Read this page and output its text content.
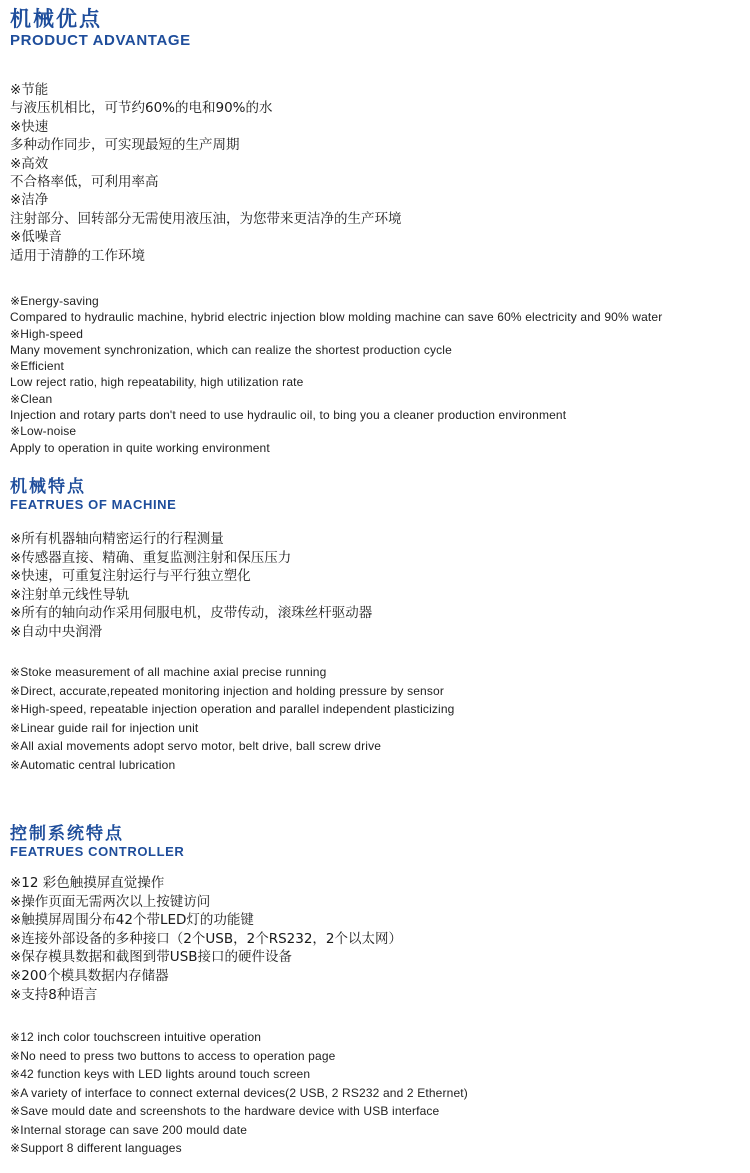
机械优点
PRODUCT ADVANTAGE
※节能
与液压机相比，可节约60%的电和90%的水
※快速
多种动作同步，可实现最短的生产周期
※高效
不合格率低，可利用率高
※洁净
注射部分、回转部分无需使用液压油，为您带来更洁净的生产环境
※低噪音
适用于清静的工作环境
※Energy-saving
Compared to hydraulic machine, hybrid electric injection blow molding machine can save 60% electricity and 90% water
※High-speed
Many movement synchronization, which can realize the shortest production cycle
※Efficient
Low reject ratio, high repeatability, high utilization rate
※Clean
Injection and rotary parts don't need to use hydraulic oil, to bing you a cleaner production environment
※Low-noise
Apply to operation in quite working environment
机械特点
FEATRUES OF MACHINE
※所有机器轴向精密运行的行程测量
※传感器直接、精确、重复监测注射和保压压力
※快速，可重复注射运行与平行独立塑化
※注射单元线性导轨
※所有的轴向动作采用伺服电机，皮带传动，滚珠丝杆驱动器
※自动中央润滑
※Stoke measurement of all machine axial precise running
※Direct, accurate,repeated monitoring injection and holding pressure by sensor
※High-speed, repeatable injection operation and parallel independent plasticizing
※Linear guide rail for injection unit
※All axial movements adopt servo motor, belt drive, ball screw drive
※Automatic central lubrication
控制系统特点
FEATRUES CONTROLLER
※12 彩色触摸屏直觉操作
※操作页面无需两次以上按键访问
※触摸屏周围分布42个带LED灯的功能键
※连接外部设备的多种接口（2个USB，2个RS232，2个以太网）
※保存模具数据和截图到带USB接口的硬件设备
※200个模具数据内存储器
※支持8种语言
※12 inch color touchscreen intuitive operation
※No need to press two buttons to access to operation page
※42 function keys with LED lights around touch screen
※A variety of interface to connect external devices(2 USB, 2 RS232 and 2 Ethernet)
※Save mould date and screenshots to the hardware device with USB interface
※Internal storage can save 200 mould date
※Support 8 different languages
